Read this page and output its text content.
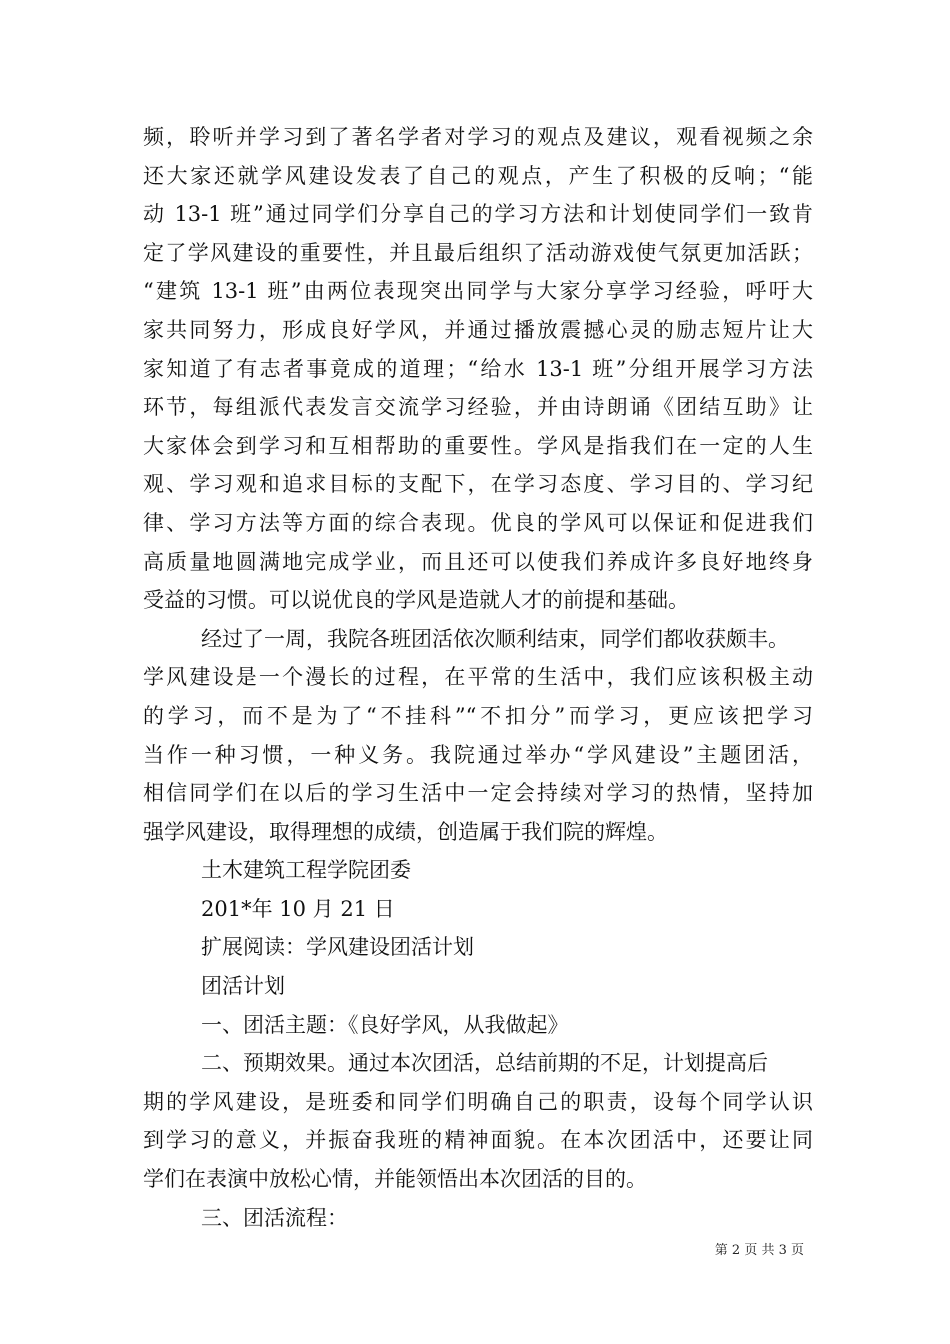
频，聆听并学习到了著名学者对学习的观点及建议，观看视频之余
还大家还就学风建设发表了自己的观点，产生了积极的反响；“能
动 13-1 班”通过同学们分享自己的学习方法和计划使同学们一致肯
定了学风建设的重要性，并且最后组织了活动游戏使气氛更加活跃；
“建筑 13-1 班”由两位表现突出同学与大家分享学习经验，呼吁大
家共同努力，形成良好学风，并通过播放震撼心灵的励志短片让大
家知道了有志者事竟成的道理；“给水 13-1 班”分组开展学习方法
环节，每组派代表发言交流学习经验，并由诗朗诵《团结互助》让
大家体会到学习和互相帮助的重要性。学风是指我们在一定的人生
观、学习观和追求目标的支配下，在学习态度、学习目的、学习纪
律、学习方法等方面的综合表现。优良的学风可以保证和促进我们
高质量地圆满地完成学业，而且还可以使我们养成许多良好地终身
受益的习惯。可以说优良的学风是造就人才的前提和基础。
经过了一周，我院各班团活依次顺利结束，同学们都收获颇丰。
学风建设是一个漫长的过程，在平常的生活中，我们应该积极主动
的学习，而不是为了“不挂科”“不扣分”而学习，更应该把学习
当作一种习惯，一种义务。我院通过举办“学风建设”主题团活，
相信同学们在以后的学习生活中一定会持续对学习的热情，坚持加
强学风建设，取得理想的成绩，创造属于我们院的辉煌。
土木建筑工程学院团委
201*年 10 月 21 日
扩展阅读：学风建设团活计划
团活计划
一、团活主题：《良好学风，从我做起》
二、预期效果。通过本次团活，总结前期的不足，计划提高后
期的学风建设，是班委和同学们明确自己的职责，设每个同学认识
到学习的意义，并振奋我班的精神面貌。在本次团活中，还要让同
学们在表演中放松心情，并能领悟出本次团活的目的。
三、团活流程：
第 2 页 共 3 页
